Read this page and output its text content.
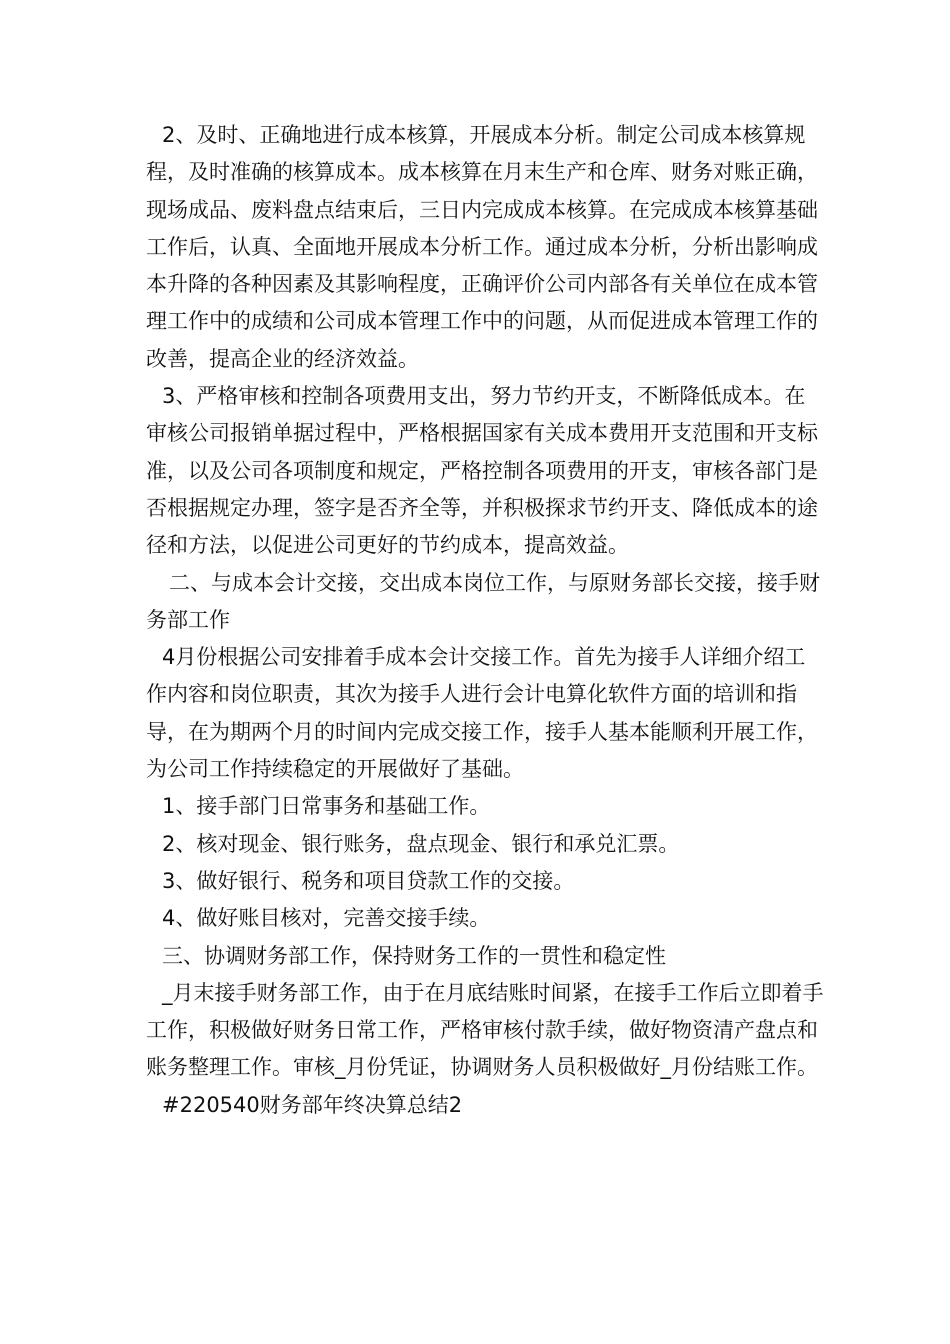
2、及时、正确地进行成本核算，开展成本分析。制定公司成本核算规程，及时准确的核算成本。成本核算在月末生产和仓库、财务对账正确，现场成品、废料盘点结束后，三日内完成成本核算。在完成成本核算基础工作后，认真、全面地开展成本分析工作。通过成本分析，分析出影响成本升降的各种因素及其影响程度，正确评价公司内部各有关单位在成本管理工作中的成绩和公司成本管理工作中的问题，从而促进成本管理工作的改善，提高企业的经济效益。

3、严格审核和控制各项费用支出，努力节约开支，不断降低成本。在审核公司报销单据过程中，严格根据国家有关成本费用开支范围和开支标准，以及公司各项制度和规定，严格控制各项费用的开支，审核各部门是否根据规定办理，签字是否齐全等，并积极探求节约开支、降低成本的途径和方法，以促进公司更好的节约成本，提高效益。

二、与成本会计交接，交出成本岗位工作，与原财务部长交接，接手财务部工作

4月份根据公司安排着手成本会计交接工作。首先为接手人详细介绍工作内容和岗位职责，其次为接手人进行会计电算化软件方面的培训和指导，在为期两个月的时间内完成交接工作，接手人基本能顺利开展工作，为公司工作持续稳定的开展做好了基础。

1、接手部门日常事务和基础工作。

2、核对现金、银行账务，盘点现金、银行和承兑汇票。

3、做好银行、税务和项目贷款工作的交接。

4、做好账目核对，完善交接手续。

三、协调财务部工作，保持财务工作的一贯性和稳定性

_月末接手财务部工作，由于在月底结账时间紧，在接手工作后立即着手工作，积极做好财务日常工作，严格审核付款手续，做好物资清产盘点和账务整理工作。审核_月份凭证，协调财务人员积极做好_月份结账工作。

#220540财务部年终决算总结2
